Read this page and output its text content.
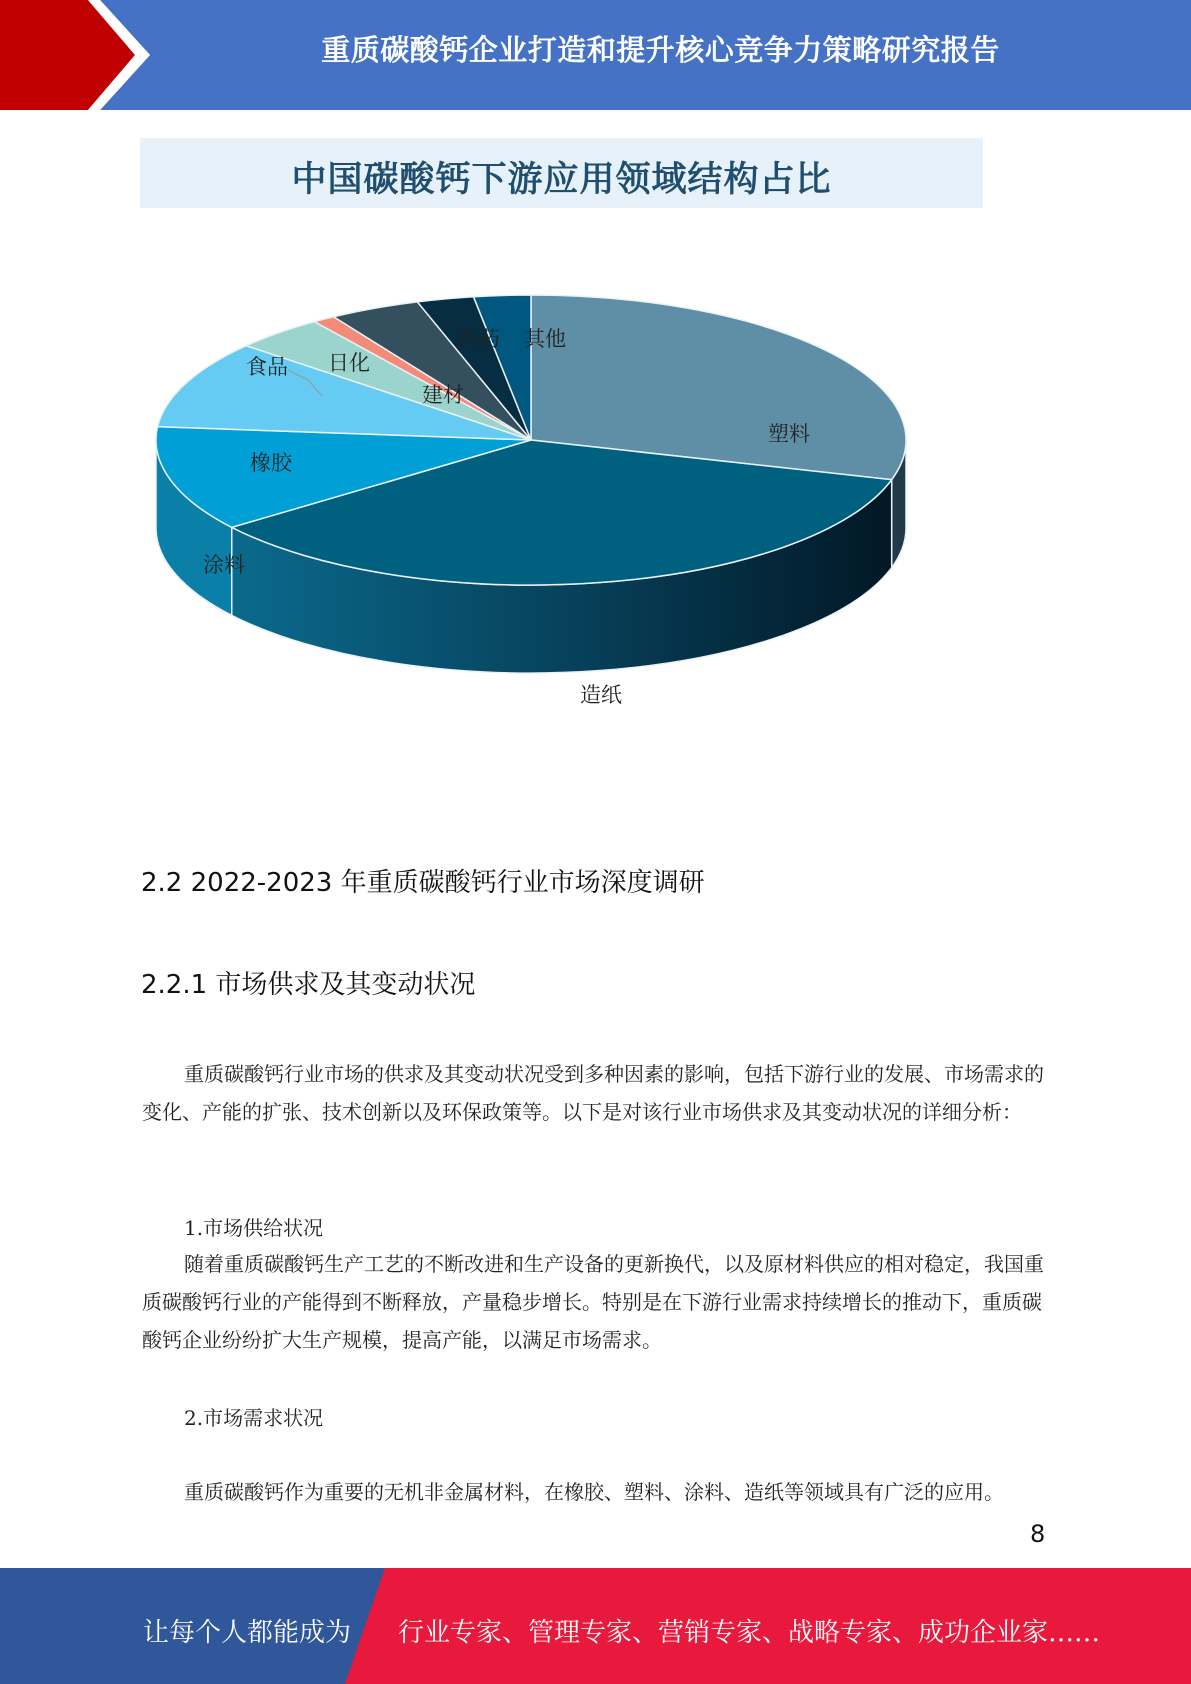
重质碳酸钙企业打造和提升核心竞争力策略研究报告
中国碳酸钙下游应用领域结构占比
塑料
造纸
涂料
橡胶
食品 日化
建材
医药 其他
2.2 2022-2023 年重质碳酸钙行业市场深度调研
2.2.1 市场供求及其变动状况

重质碳酸钙行业市场的供求及其变动状况受到多种因素的影响，包括下游行业的发展、市场需求的变化、产能的扩张、技术创新以及环保政策等。以下是对该行业市场供求及其变动状况的详细分析：

1.市场供给状况

随着重质碳酸钙生产工艺的不断改进和生产设备的更新换代，以及原材料供应的相对稳定，我国重质碳酸钙行业的产能得到不断释放，产量稳步增长。特别是在下游行业需求持续增长的推动下，重质碳酸钙企业纷纷扩大生产规模，提高产能，以满足市场需求。

2.市场需求状况

重质碳酸钙作为重要的无机非金属材料，在橡胶、塑料、涂料、造纸等领域具有广泛的应用。

8
让每个人都能成为 行业专家、管理专家、营销专家、战略专家、成功企业家……
